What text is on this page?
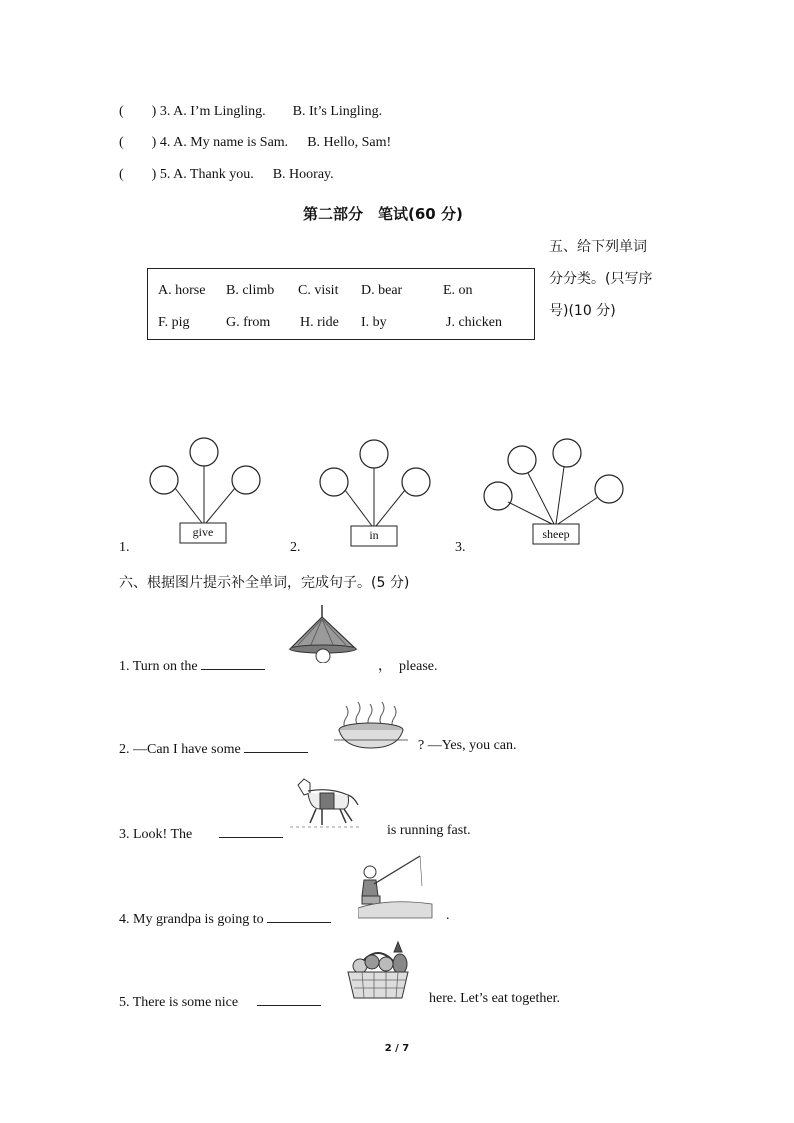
( ) 3. A. I’m Lingling. B. It’s Lingling.
( ) 4. A. My name is Sam. B. Hello, Sam!
( ) 5. A. Thank you. B. Hooray.
第二部分　笔试(60 分)
五、给下列单词
分分类。(只写序
号)(10 分)
A. horse B. climb C. visit D. bear	E. on
F. pig	G. from H. ride I. by	J. chicken
1.
give
2.
in
3.
sheep
六、根据图片提示补全单词，完成句子。(5 分)
1. Turn on the	，　please.
2. ―Can I have some	? ―Yes, you can.
3. Look! The	is running fast.
4. My grandpa is going to	.
5. There is some nice	here. Let’s eat together.
2 / 7
